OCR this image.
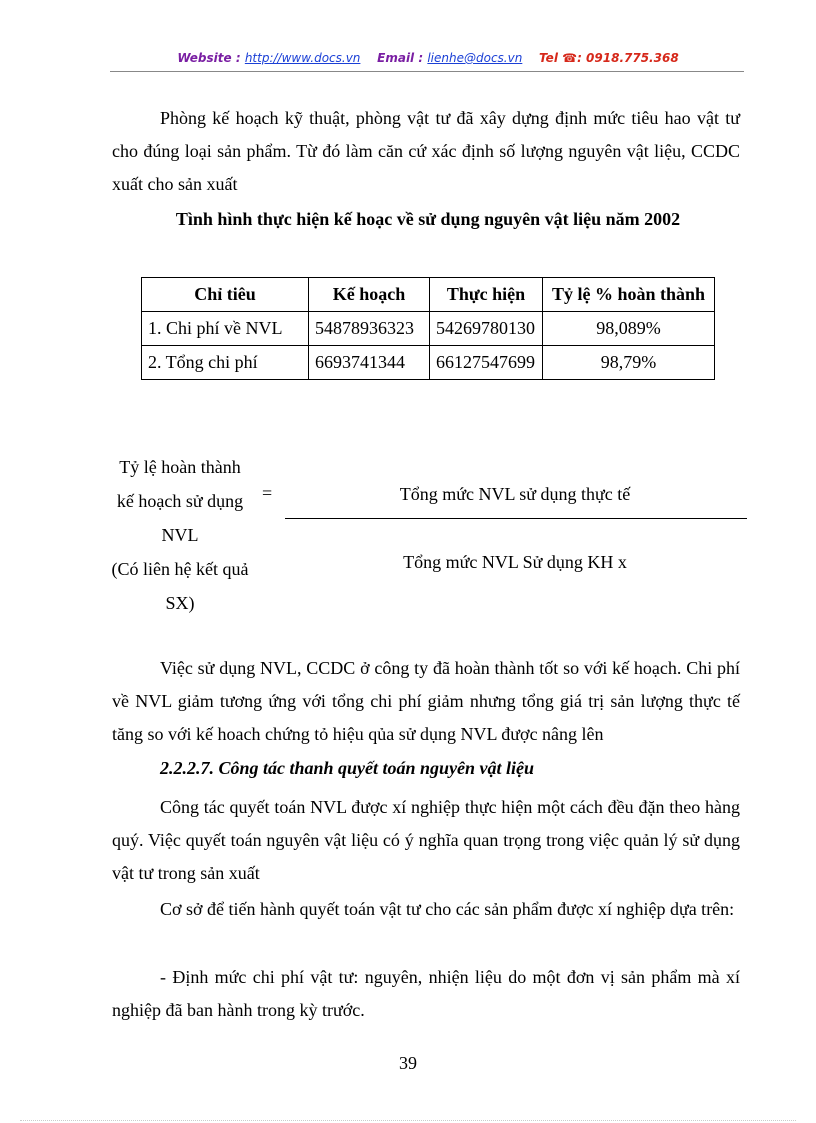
Website : http://www.docs.vn Email : lienhe@docs.vn Tel ☎: 0918.775.368
Phòng kế hoạch kỹ thuật, phòng vật tư đã xây dựng định mức tiêu hao vật tư cho đúng loại sản phẩm. Từ đó làm căn cứ xác định số lượng nguyên vật liệu, CCDC xuất cho sản xuất
Tình hình thực hiện kế hoạc về sử dụng nguyên vật liệu năm 2002
Chỉ tiêu	Kế hoạch	Thực hiện	Tỷ lệ % hoàn thành
1. Chi phí về NVL	54878936323	54269780130	98,089%
2. Tổng chi phí	6693741344	66127547699	98,79%
Tỷ lệ hoàn thành
kế hoạch sử dụng
NVL
(Có liên hệ kết quả
SX)
=	Tổng mức NVL sử dụng thực tế
Tổng mức NVL Sử dụng KH x
Việc sử dụng NVL, CCDC ở công ty đã hoàn thành tốt so với kế hoạch. Chi phí về NVL giảm tương ứng với tổng chi phí giảm nhưng tổng giá trị sản lượng thực tế tăng so với kế hoach chứng tỏ hiệu qủa sử dụng NVL được nâng lên
2.2.2.7. Công tác thanh quyết toán nguyên vật liệu
Công tác quyết toán NVL được xí nghiệp thực hiện một cách đều đặn theo hàng quý. Việc quyết toán nguyên vật liệu có ý nghĩa quan trọng trong việc quản lý sử dụng vật tư trong sản xuất
Cơ sở để tiến hành quyết toán vật tư cho các sản phẩm được xí nghiệp dựa trên:
- Định mức chi phí vật tư: nguyên, nhiện liệu do một đơn vị sản phẩm mà xí nghiệp đã ban hành trong kỳ trước.
39
